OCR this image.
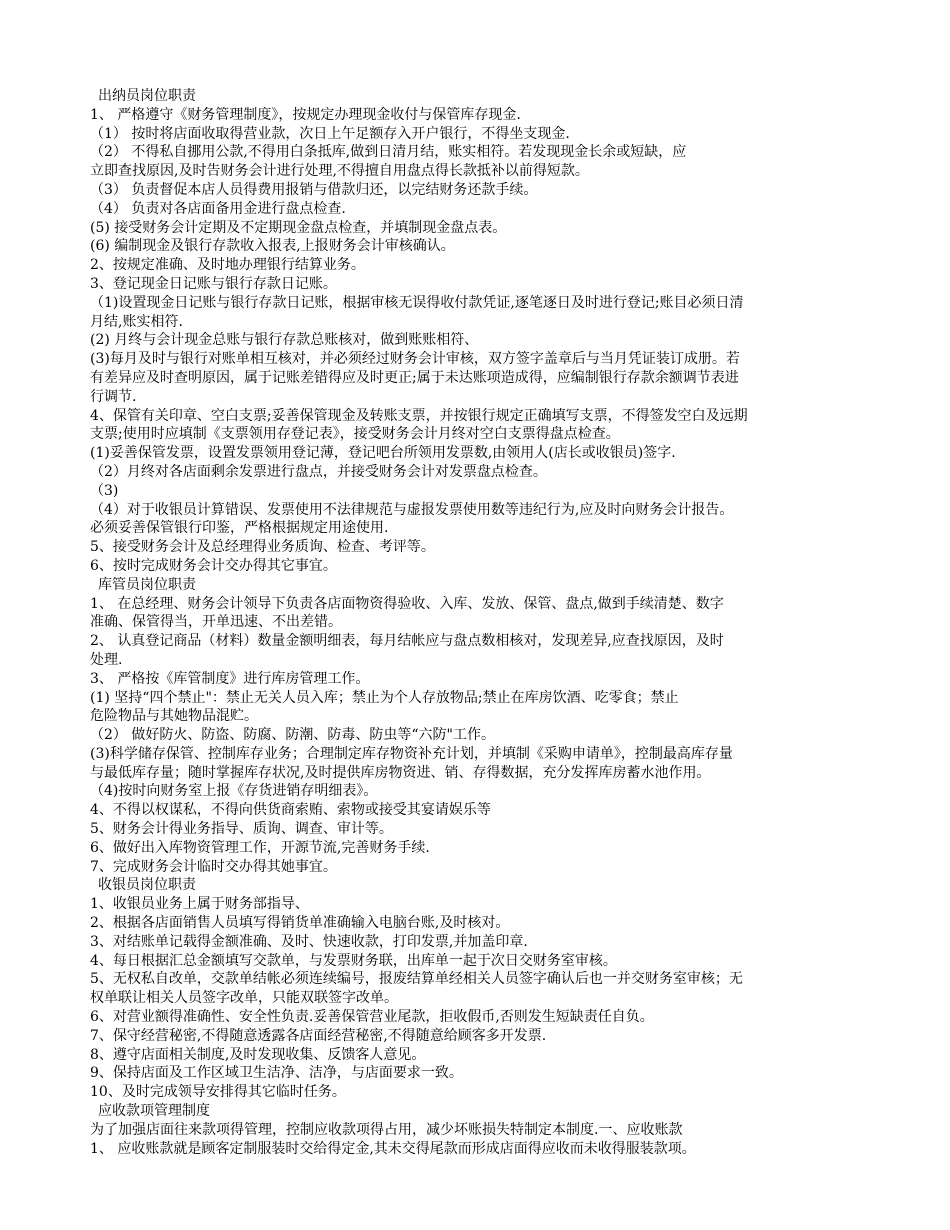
出纳员岗位职责
1、 严格遵守《财务管理制度》，按规定办理现金收付与保管库存现金.
（1） 按时将店面收取得营业款，次日上午足额存入开户银行，不得坐支现金.
（2） 不得私自挪用公款,不得用白条抵库,做到日清月结，账实相符。若发现现金长余或短缺，应
立即查找原因,及时告财务会计进行处理,不得擅自用盘点得长款抵补以前得短款。
（3） 负责督促本店人员得费用报销与借款归还，以完结财务还款手续。
（4） 负责对各店面备用金进行盘点检查.
(5) 接受财务会计定期及不定期现金盘点检查，并填制现金盘点表。
(6) 编制现金及银行存款收入报表,上报财务会计审核确认。
2、按规定准确、及时地办理银行结算业务。
3、登记现金日记账与银行存款日记账。
（1)设置现金日记账与银行存款日记账，根据审核无误得收付款凭证,逐笔逐日及时进行登记;账目必须日清
月结,账实相符.
(2) 月终与会计现金总账与银行存款总账核对，做到账账相符、
(3)每月及时与银行对账单相互核对，并必须经过财务会计审核，双方签字盖章后与当月凭证装订成册。若
有差异应及时查明原因，属于记账差错得应及时更正;属于未达账项造成得，应编制银行存款余额调节表进
行调节.
4、保管有关印章、空白支票;妥善保管现金及转账支票，并按银行规定正确填写支票，不得签发空白及远期
支票;使用时应填制《支票领用存登记表》，接受财务会计月终对空白支票得盘点检查。
(1)妥善保管发票，设置发票领用登记薄，登记吧台所领用发票数,由领用人(店长或收银员)签字.
（2）月终对各店面剩余发票进行盘点，并接受财务会计对发票盘点检查。
（3)
（4）对于收银员计算错误、发票使用不法律规范与虚报发票使用数等违纪行为,应及时向财务会计报告。
必须妥善保管银行印鉴，严格根据规定用途使用.
5、接受财务会计及总经理得业务质询、检查、考评等。
6、按时完成财务会计交办得其它事宜。
库管员岗位职责
1、 在总经理、财务会计领导下负责各店面物资得验收、入库、发放、保管、盘点,做到手续清楚、数字
准确、保管得当，开单迅速、不出差错。
2、 认真登记商品（材料）数量金额明细表，每月结帐应与盘点数相核对，发现差异,应查找原因，及时
处理.
3、 严格按《库管制度》进行库房管理工作。
(1) 坚持“四个禁止"：禁止无关人员入库；禁止为个人存放物品;禁止在库房饮酒、吃零食；禁止
危险物品与其她物品混贮。
（2） 做好防火、防盗、防腐、防潮、防毒、防虫等“六防"工作。
(3)科学储存保管、控制库存业务；合理制定库存物资补充计划，并填制《采购申请单》，控制最高库存量
与最低库存量；随时掌握库存状况,及时提供库房物资进、销、存得数据，充分发挥库房蓄水池作用。
（4)按时向财务室上报《存货进销存明细表》。
4、不得以权谋私，不得向供货商索贿、索物或接受其宴请娱乐等
5、财务会计得业务指导、质询、调查、审计等。
6、做好出入库物资管理工作，开源节流,完善财务手续.
7、完成财务会计临时交办得其她事宜。
收银员岗位职责
1、收银员业务上属于财务部指导、
2、根据各店面销售人员填写得销货单准确输入电脑台账,及时核对。
3、对结账单记载得金额准确、及时、快速收款，打印发票,并加盖印章.
4、每日根据汇总金额填写交款单，与发票财务联，出库单一起于次日交财务室审核。
5、无权私自改单，交款单结帐必须连续编号，报废结算单经相关人员签字确认后也一并交财务室审核；无
权单联让相关人员签字改单，只能双联签字改单。
6、对营业额得准确性、安全性负责.妥善保管营业尾款，拒收假币,否则发生短缺责任自负。
7、保守经营秘密,不得随意透露各店面经营秘密,不得随意给顾客多开发票.
8、遵守店面相关制度,及时发现收集、反馈客人意见。
9、保持店面及工作区域卫生洁净、洁净，与店面要求一致。
10、及时完成领导安排得其它临时任务。
应收款项管理制度
为了加强店面往来款项得管理，控制应收款项得占用，减少坏账损失特制定本制度.一、应收账款
1、 应收账款就是顾客定制服装时交给得定金,其未交得尾款而形成店面得应收而未收得服装款项。
